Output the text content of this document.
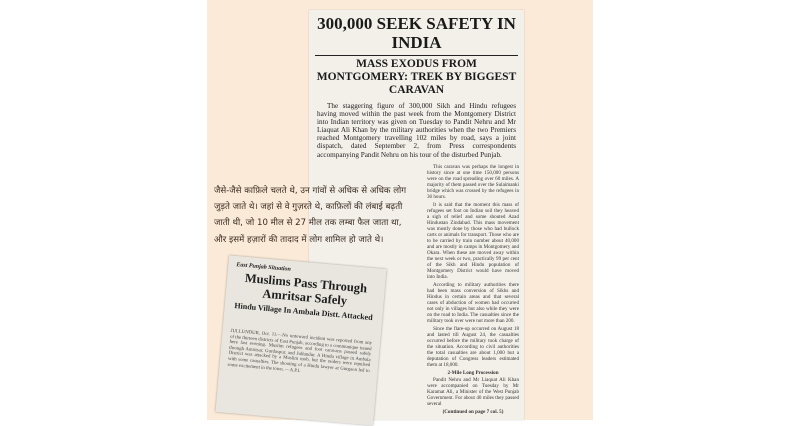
300,000 SEEK SAFETY IN INDIA
MASS EXODUS FROM MONTGOMERY: TREK BY BIGGEST CARAVAN

The staggering figure of 300,000 Sikh and Hindu refugees having moved within the past week from the Montgomery District into Indian territory was given on Tuesday to Pandit Nehru and Mr Liaquat Ali Khan by the military authorities when the two Premiers reached Montgomery travelling 102 miles by road, says a joint dispatch, dated September 2, from Press correspondents accompanying Pandit Nehru on his tour of the disturbed Punjab.

This caravan was perhaps the longest in history since at one time 150,000 persons were on the road spreading over 60 miles. A majority of them passed over the Sulaimanki bridge which was crossed by the refugees in 36 hours.

It is said that the moment this mass of refugees set foot on Indian soil they heaved a sigh of relief and some shouted Azad Hindustan Zindabad. This mass movement was mostly done by those who had bullock carts or animals for transport. Those who are to be carried by train number about 40,000 and are mostly in camps in Montgomery and Okara. When these are moved away within the next week or two, practically 99 per cent of the Sikh and Hindu population of Montgomery District would have moved into India.

According to military authorities there had been mass conversion of Sikhs and Hindus in certain areas and that several cases of abduction of women had occurred not only in villages but also while they were on the road to India. The casualties since the military took over were not more than 200.

Since the flare-up occurred on August 18 and lasted till August 24, the casualties occurred before the military took charge of the situation. According to civil authorities the total casualties are about 1,000 but a deputation of Congress leaders estimated them at 18,000.

2-Mile Long Procession

Pandit Nehru and Mr Liaquat Ali Khan were accompanied on Tuesday by Mr Karamat Ali, a Minister of the West Punjab Government. For about 40 miles they passed several

(Continued on page 7 col. 5)

जैसे-जैसे काफ़िले चलते थे, उन गांवों से अधिक से अधिक लोग जुड़ते जाते थे। जहां से वे गुज़रते थे, काफ़िलों की लंबाई बढ़ती जाती थी, जो 10 मील से 27 मील तक लम्बा फैल जाता था, और इसमें हज़ारों की तादाद में लोग शामिल हो जाते थे।
East Punjab Situation
Muslims Pass Through Amritsar Safely
Hindu Village In Ambala Distt. Attacked
JULLUNDUR, Oct. 11.—No untoward incident was reported from any of the thirteen districts of East Punjab, according to a communique issued here last evening. Muslim refugees and foot caravans passed safely through Amritsar, Gurdaspur, and Jullundur. A Hindu village in Ambala District was attacked by a Muslim mob, but the raiders were repulsed with some casualties. The shooting of a Hindu lawyer at Gurgaon led to some excitement in the town. —A.P.I.
